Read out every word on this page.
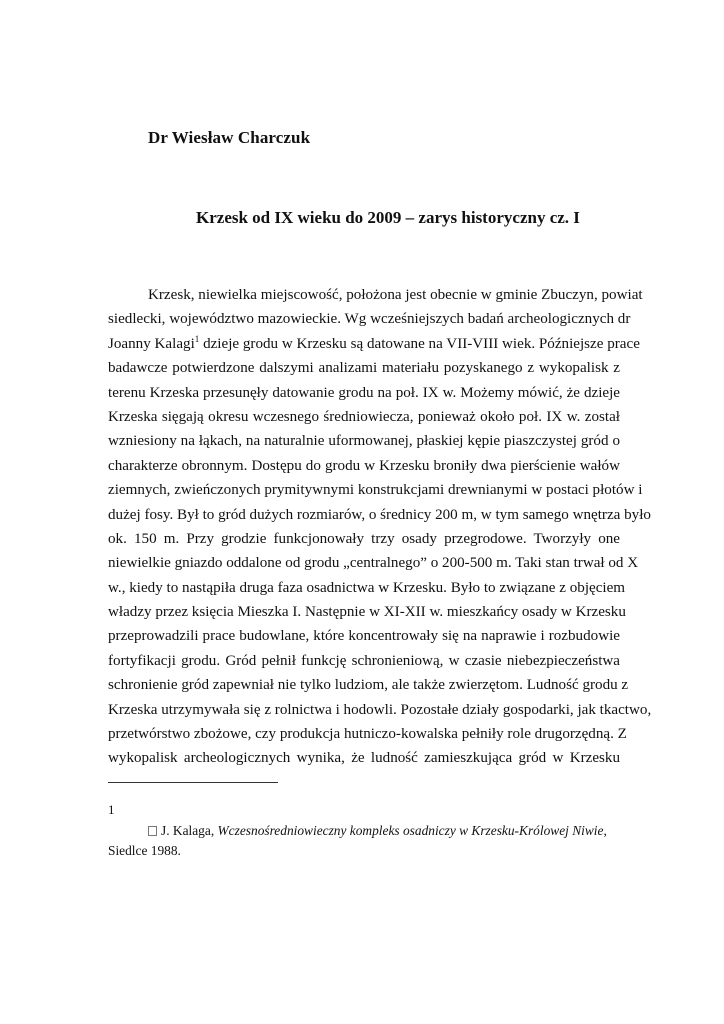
Dr Wiesław Charczuk
Krzesk od IX wieku do 2009 – zarys historyczny cz. I
Krzesk, niewielka miejscowość, położona jest obecnie w gminie Zbuczyn, powiat
siedlecki, województwo mazowieckie. Wg wcześniejszych badań archeologicznych dr
Joanny Kalagi$^1$ dzieje grodu w Krzesku są datowane na VII-VIII wiek. Późniejsze prace
badawcze potwierdzone dalszymi analizami materiału pozyskanego z wykopalisk z
terenu Krzeska przesunęły datowanie grodu na poł. IX w. Możemy mówić, że dzieje
Krzeska sięgają okresu wczesnego średniowiecza, ponieważ około poł. IX w. został
wzniesiony na łąkach, na naturalnie uformowanej, płaskiej kępie piaszczystej gród o
charakterze obronnym. Dostępu do grodu w Krzesku broniły dwa pierścienie wałów
ziemnych, zwieńczonych prymitywnymi konstrukcjami drewnianymi w postaci płotów i
dużej fosy. Był to gród dużych rozmiarów, o średnicy 200 m, w tym samego wnętrza było
ok. 150 m. Przy grodzie funkcjonowały trzy osady przegrodowe. Tworzyły one
niewielkie gniazdo oddalone od grodu „centralnego” o 200-500 m. Taki stan trwał od X
w., kiedy to nastąpiła druga faza osadnictwa w Krzesku. Było to związane z objęciem
władzy przez księcia Mieszka I. Następnie w XI-XII w. mieszkańcy osady w Krzesku
przeprowadzili prace budowlane, które koncentrowały się na naprawie i rozbudowie
fortyfikacji grodu. Gród pełnił funkcję schronieniową, w czasie niebezpieczeństwa
schronienie gród zapewniał nie tylko ludziom, ale także zwierzętom. Ludność grodu z
Krzeska utrzymywała się z rolnictwa i hodowli. Pozostałe działy gospodarki, jak tkactwo,
przetwórstwo zbożowe, czy produkcja hutniczo-kowalska pełniły role drugorzędną. Z
wykopalisk archeologicznych wynika, że ludność zamieszkująca gród w Krzesku
1
J. Kalaga, Wczesnośredniowieczny kompleks osadniczy w Krzesku-Królowej Niwie,
Siedlce 1988.
